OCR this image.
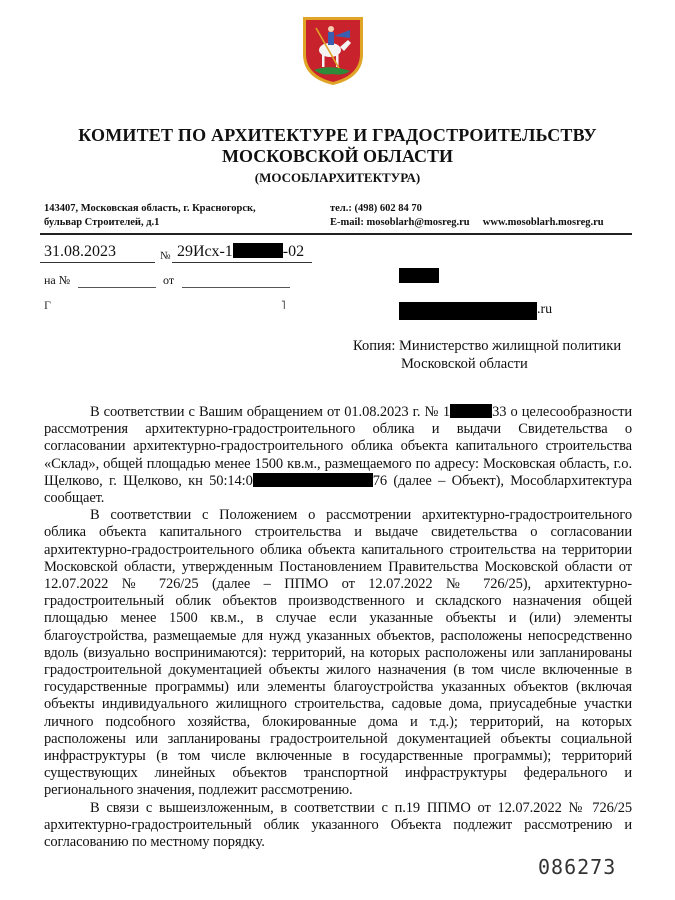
КОМИТЕТ ПО АРХИТЕКТУРЕ И ГРАДОСТРОИТЕЛЬСТВУ
МОСКОВСКОЙ ОБЛАСТИ
(МОСОБЛАРХИТЕКТУРА)
143407, Московская область, г. Красногорск,
бульвар Строителей, д.1
тел.: (498) 602 84 70
E-mail: mosoblarh@mosreg.ru     www.mosoblarh.mosreg.ru
31.08.2023	№ 29Исх-1	-02
на №	от
Г	˥	.ru
Копия: Министерство жилищной политики
Московской области

В соответствии с Вашим обращением от 01.08.2023 г. № 1	33 о целесообразности рассмотрения архитектурно-градостроительного облика и выдачи Свидетельства о согласовании архитектурно-градостроительного облика объекта капитального строительства «Склад», общей площадью менее 1500 кв.м., размещаемого по адресу: Московская область, г.о. Щелково, г. Щелково, кн 50:14:0	76 (далее – Объект), Мособлархитектура сообщает.

В соответствии с Положением о рассмотрении архитектурно-градостроительного облика объекта капитального строительства и выдаче свидетельства о согласовании архитектурно-градостроительного облика объекта капитального строительства на территории Московской области, утвержденным Постановлением Правительства Московской области от 12.07.2022 № 726/25 (далее – ППМО от 12.07.2022 № 726/25), архитектурно-градостроительный облик объектов производственного и складского назначения общей площадью менее 1500 кв.м., в случае если указанные объекты и (или) элементы благоустройства, размещаемые для нужд указанных объектов, расположены непосредственно вдоль (визуально воспринимаются): территорий, на которых расположены или запланированы градостроительной документацией объекты жилого назначения (в том числе включенные в государственные программы) или элементы благоустройства указанных объектов (включая объекты индивидуального жилищного строительства, садовые дома, приусадебные участки личного подсобного хозяйства, блокированные дома и т.д.); территорий, на которых расположены или запланированы градостроительной документацией объекты социальной инфраструктуры (в том числе включенные в государственные программы); территорий существующих линейных объектов транспортной инфраструктуры федерального и регионального значения, подлежит рассмотрению.

В связи с вышеизложенным, в соответствии с п.19 ППМО от 12.07.2022 № 726/25 архитектурно-градостроительный облик указанного Объекта подлежит рассмотрению и согласованию по местному порядку.

086273
